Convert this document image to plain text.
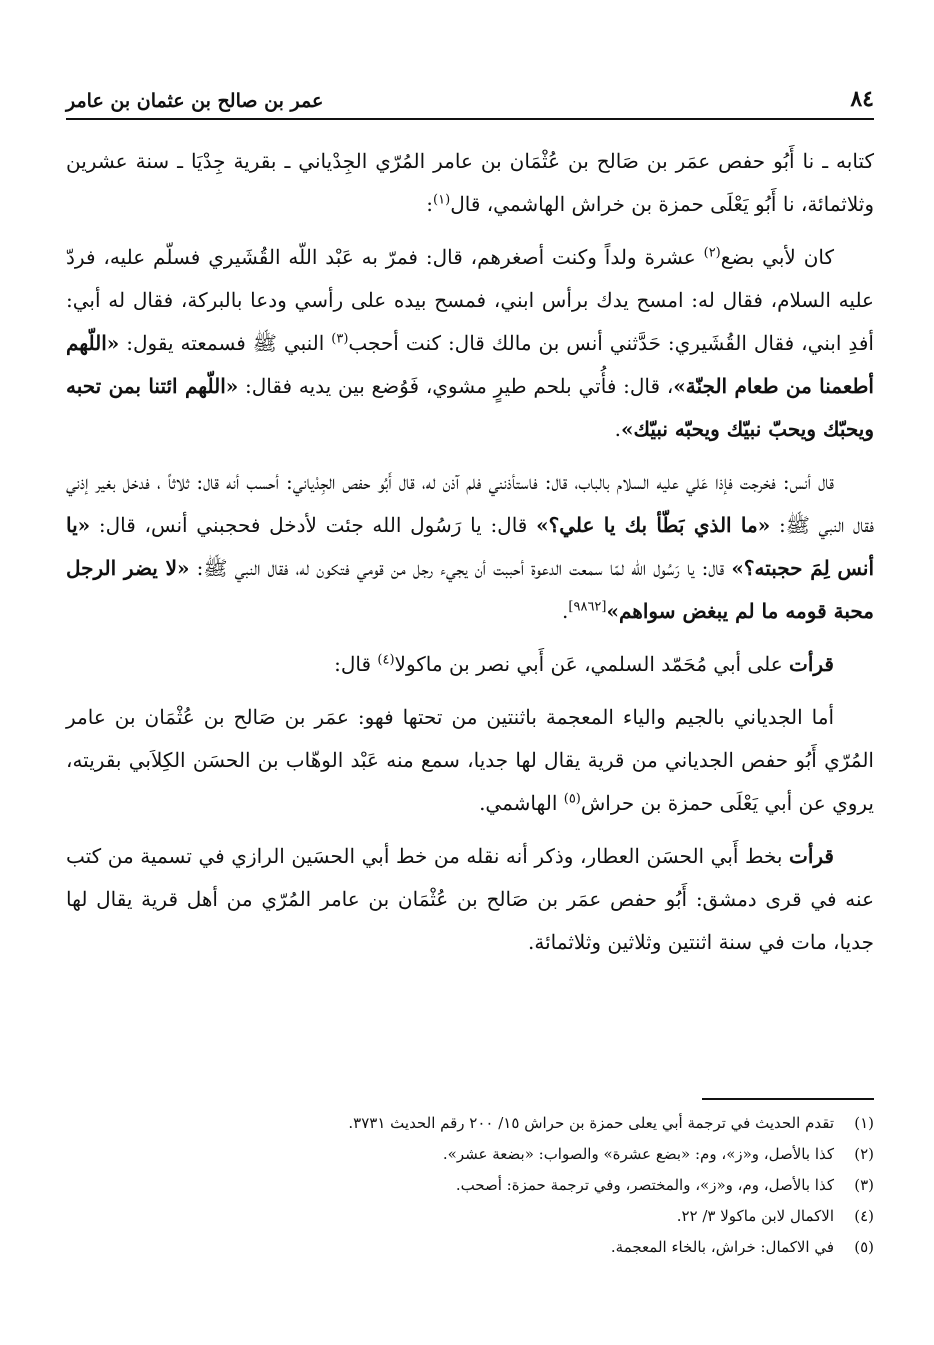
٨٤
عمر بن صالح بن عثمان بن عامر

كتابه ـ نا أَبُو حفص عمَر بن صَالح بن عُثْمَان بن عامر المُرّي الجِدْياني ـ بقرية جِدْيَا ـ سنة عشرين وثلاثمائة، نا أَبُو يَعْلَى حمزة بن خراش الهاشمي، قال$^{(١)}$:

كان لأبي بضع$^{(٢)}$ عشرة ولداً وكنت أصغرهم، قال: فمرّ به عَبْد اللّه القُشَيري فسلّم عليه، فردّ عليه السلام، فقال له: امسح يدك برأس ابني، فمسح بيده على رأسي ودعا بالبركة، فقال له أبي: أفدِ ابني، فقال القُشَيري: حَدَّثني أنس بن مالك قال: كنت أحجب$^{(٣)}$ النبي ﷺ فسمعته يقول: «اللّهم أطعمنا من طعام الجنّة»، قال: فأُتي بلحم طيرٍ مشوي، فَوُضع بين يديه فقال: «اللّهم ائتنا بمن تحبه ويحبّك ويحبّ نبيّك ويحبّه نبيّك».

قال أنس: فخرجت فإذا عَلي عليه السلام بالباب، قال: فاستأذنني فلم آذن له، قال أَبُو حفص الجِدْياني: أحسب أنه قال: ثلاثاً ، فدخل بغير إذني فقال النبي ﷺ: «ما الذي بَطّأ بك يا علي؟» قال: يا رَسُول الله جئت لأدخل فحجبني أنس، قال: «يا أنس لِمَ حجبته؟» قال: يا رَسُول الله لمّا سمعت الدعوة أحببت أن يجيء رجل من قومي فتكون له، فقال النبي ﷺ: «لا يضر الرجل محبة قومه ما لم يبغض سواهم»[٩٨٦٢].

قرأت على أبي مُحَمّد السلمي، عَن أَبي نصر بن ماكولا$^{(٤)}$ قال:

أما الجدياني بالجيم والياء المعجمة باثنتين من تحتها فهو: عمَر بن صَالح بن عُثْمَان بن عامر المُرّي أَبُو حفص الجدياني من قرية يقال لها جديا، سمع منه عَبْد الوهّاب بن الحسَن الكِلاَبي بقريته، يروي عن أبي يَعْلَى حمزة بن حراش$^{(٥)}$ الهاشمي.

قرأت بخط أَبي الحسَن العطار، وذكر أنه نقله من خط أبي الحسَين الرازي في تسمية من كتب عنه في قرى دمشق: أَبُو حفص عمَر بن صَالح بن عُثْمَان بن عامر المُرّي من أهل قرية يقال لها جديا، مات في سنة اثنتين وثلاثين وثلاثمائة.

(١)
تقدم الحديث في ترجمة أبي يعلى حمزة بن حراش ١٥/ ٢٠٠ رقم الحديث ٣٧٣١.
(٢)
كذا بالأصل، و«ز»، وم: «بضع عشرة» والصواب: «بضعة عشر».
(٣)
كذا بالأصل، وم، و«ز»، والمختصر، وفي ترجمة حمزة: أصحب.
(٤)
الاكمال لابن ماكولا ٣/ ٢٢.
(٥)
في الاكمال: خراش، بالخاء المعجمة.
